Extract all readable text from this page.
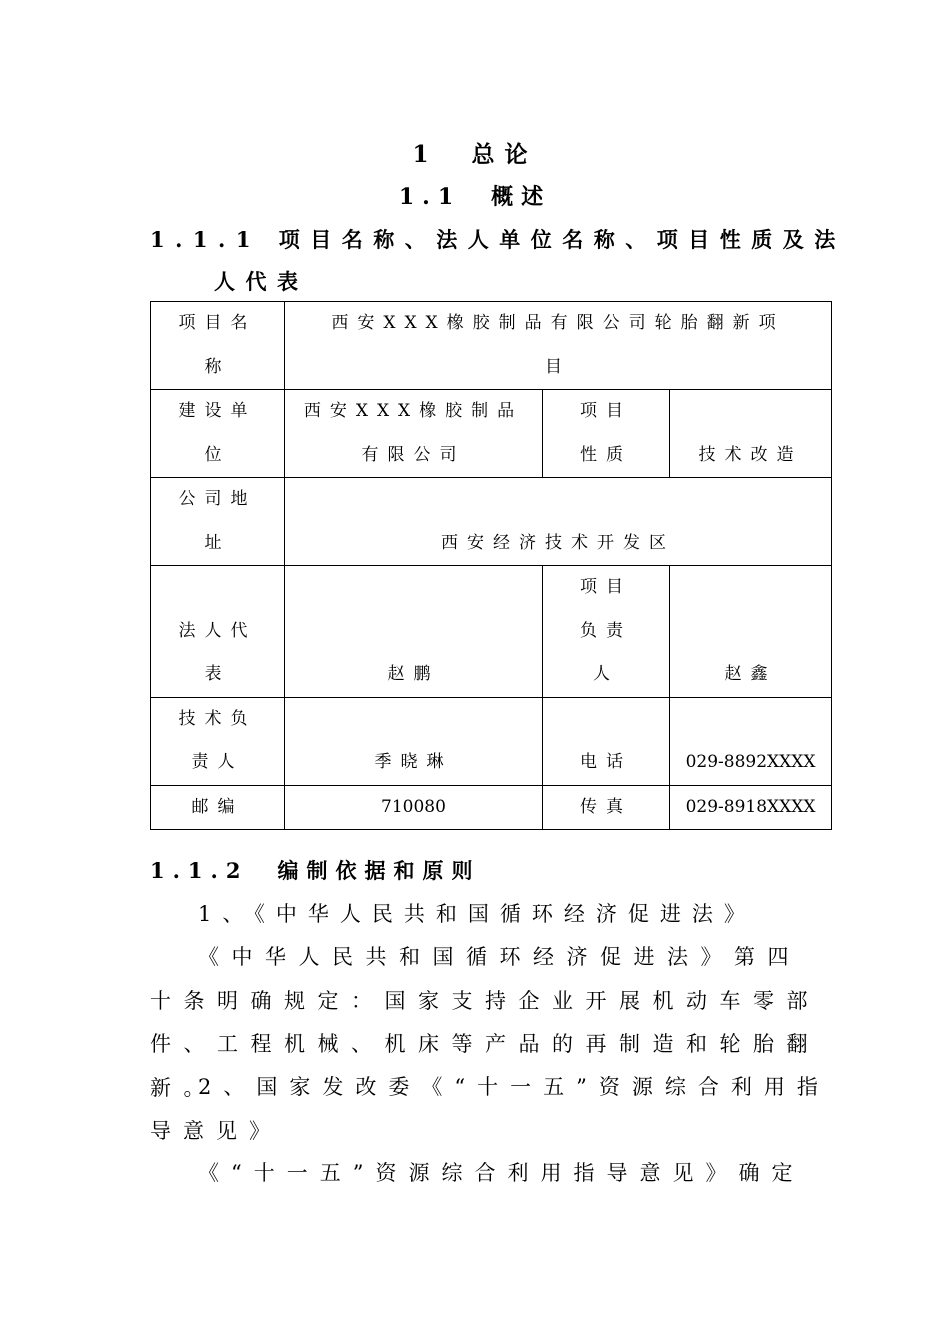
1　总论
1.1　概述
1.1.1 项目名称、法人单位名称、项目性质及法
人代表
项目名
称	西安XXX橡胶制品有限公司轮胎翻新项
目		

建设单
位	西安XXX橡胶制品
有限公司	项目
性质	技术改造

公司地
址	西安经济技术开发区		

法人代
表	赵鹏	项目
负责
人	赵鑫

技术负
责人	季晓琳	电话	029-8892XXXX
邮编	710080	传真	029-8918XXXX
1.1.2　编制依据和原则
1、《中华人民共和国循环经济促进法》
《中华人民共和国循环经济促进法》第四十条明确规定：国家支持企业开展机动车零部件、工程机械、机床等产品的再制造和轮胎翻新。
2、国家发改委《“十一五”资源综合利用指导意见》
《“十一五”资源综合利用指导意见》确定
